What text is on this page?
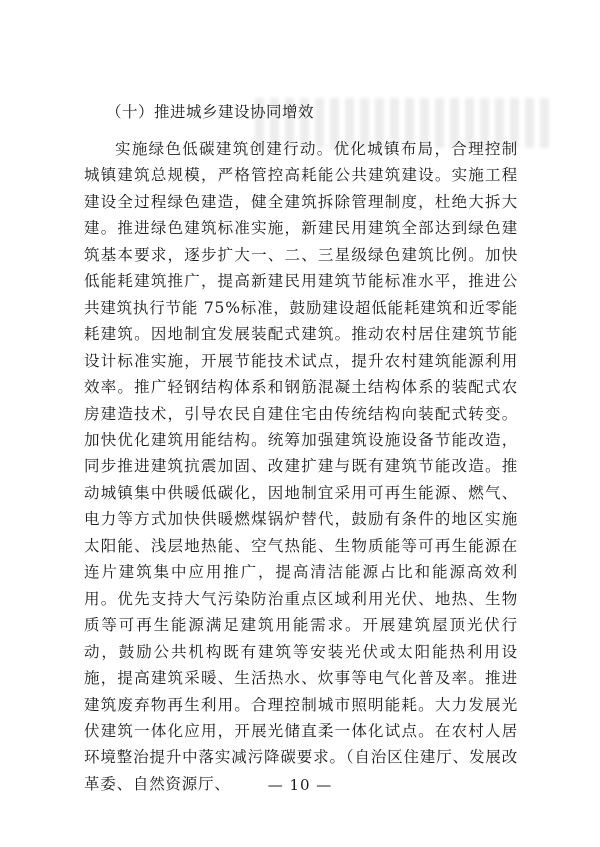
（十）推进城乡建设协同增效

实施绿色低碳建筑创建行动。优化城镇布局，合理控制城镇建筑总规模，严格管控高耗能公共建筑建设。实施工程建设全过程绿色建造，健全建筑拆除管理制度，杜绝大拆大建。推进绿色建筑标准实施，新建民用建筑全部达到绿色建筑基本要求，逐步扩大一、二、三星级绿色建筑比例。加快低能耗建筑推广，提高新建民用建筑节能标准水平，推进公共建筑执行节能 75%标准，鼓励建设超低能耗建筑和近零能耗建筑。因地制宜发展装配式建筑。推动农村居住建筑节能设计标准实施，开展节能技术试点，提升农村建筑能源利用效率。推广轻钢结构体系和钢筋混凝土结构体系的装配式农房建造技术，引导农民自建住宅由传统结构向装配式转变。加快优化建筑用能结构。统筹加强建筑设施设备节能改造，同步推进建筑抗震加固、改建扩建与既有建筑节能改造。推动城镇集中供暖低碳化，因地制宜采用可再生能源、燃气、电力等方式加快供暖燃煤锅炉替代，鼓励有条件的地区实施太阳能、浅层地热能、空气热能、生物质能等可再生能源在连片建筑集中应用推广，提高清洁能源占比和能源高效利用。优先支持大气污染防治重点区域利用光伏、地热、生物质等可再生能源满足建筑用能需求。开展建筑屋顶光伏行动，鼓励公共机构既有建筑等安装光伏或太阳能热利用设施，提高建筑采暖、生活热水、炊事等电气化普及率。推进建筑废弃物再生利用。合理控制城市照明能耗。大力发展光伏建筑一体化应用，开展光储直柔一体化试点。在农村人居环境整治提升中落实减污降碳要求。（自治区住建厅、发展改革委、自然资源厅、	— 10 —
